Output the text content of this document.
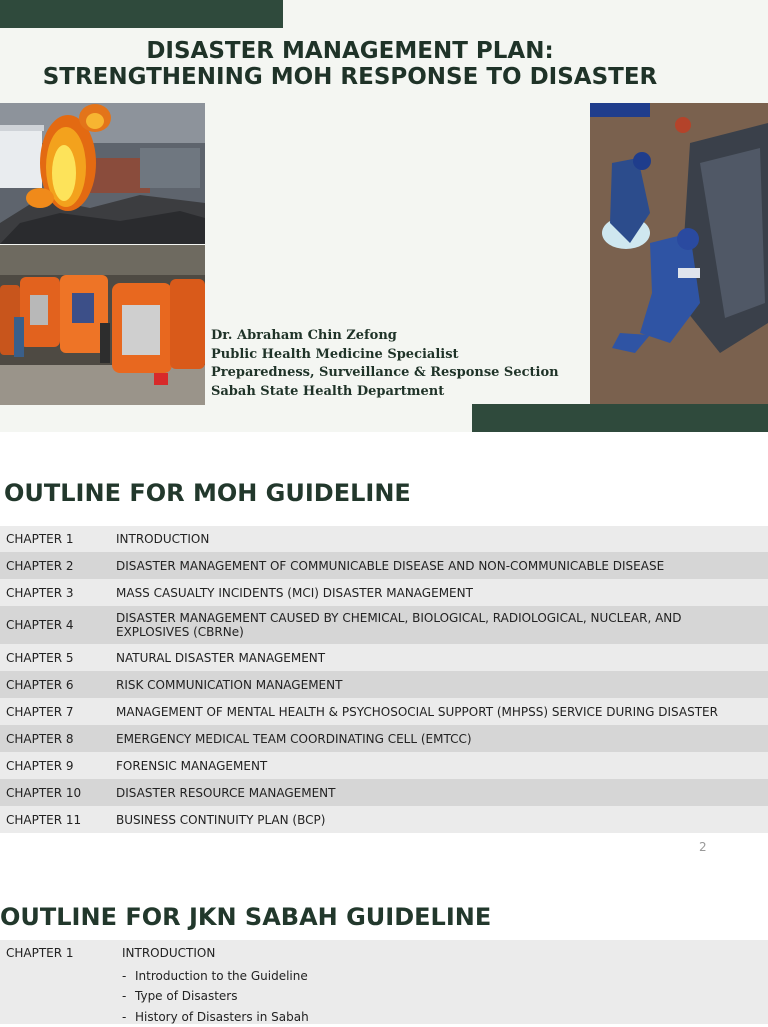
DISASTER MANAGEMENT PLAN:
STRENGTHENING MOH RESPONSE TO DISASTER
Dr. Abraham Chin Zefong
Public Health Medicine Specialist
Preparedness, Surveillance & Response Section
Sabah State Health Department
OUTLINE FOR MOH GUIDELINE
CHAPTER 1	INTRODUCTION
CHAPTER 2	DISASTER MANAGEMENT OF COMMUNICABLE DISEASE AND NON-COMMUNICABLE DISEASE
CHAPTER 3	MASS CASUALTY INCIDENTS (MCI) DISASTER MANAGEMENT
CHAPTER 4	DISASTER MANAGEMENT CAUSED BY CHEMICAL, BIOLOGICAL, RADIOLOGICAL, NUCLEAR, AND EXPLOSIVES (CBRNe)
CHAPTER 5	NATURAL DISASTER MANAGEMENT
CHAPTER 6	RISK COMMUNICATION MANAGEMENT
CHAPTER 7	MANAGEMENT OF MENTAL HEALTH & PSYCHOSOCIAL SUPPORT (MHPSS) SERVICE DURING DISASTER
CHAPTER 8	EMERGENCY MEDICAL TEAM COORDINATING CELL (EMTCC)
CHAPTER 9	FORENSIC MANAGEMENT
CHAPTER 10	DISASTER RESOURCE MANAGEMENT
CHAPTER 11	BUSINESS CONTINUITY PLAN (BCP)
2
OUTLINE FOR JKN SABAH GUIDELINE
CHAPTER 1	INTRODUCTION
- Introduction to the Guideline
- Type of Disasters
- History of Disasters in Sabah
